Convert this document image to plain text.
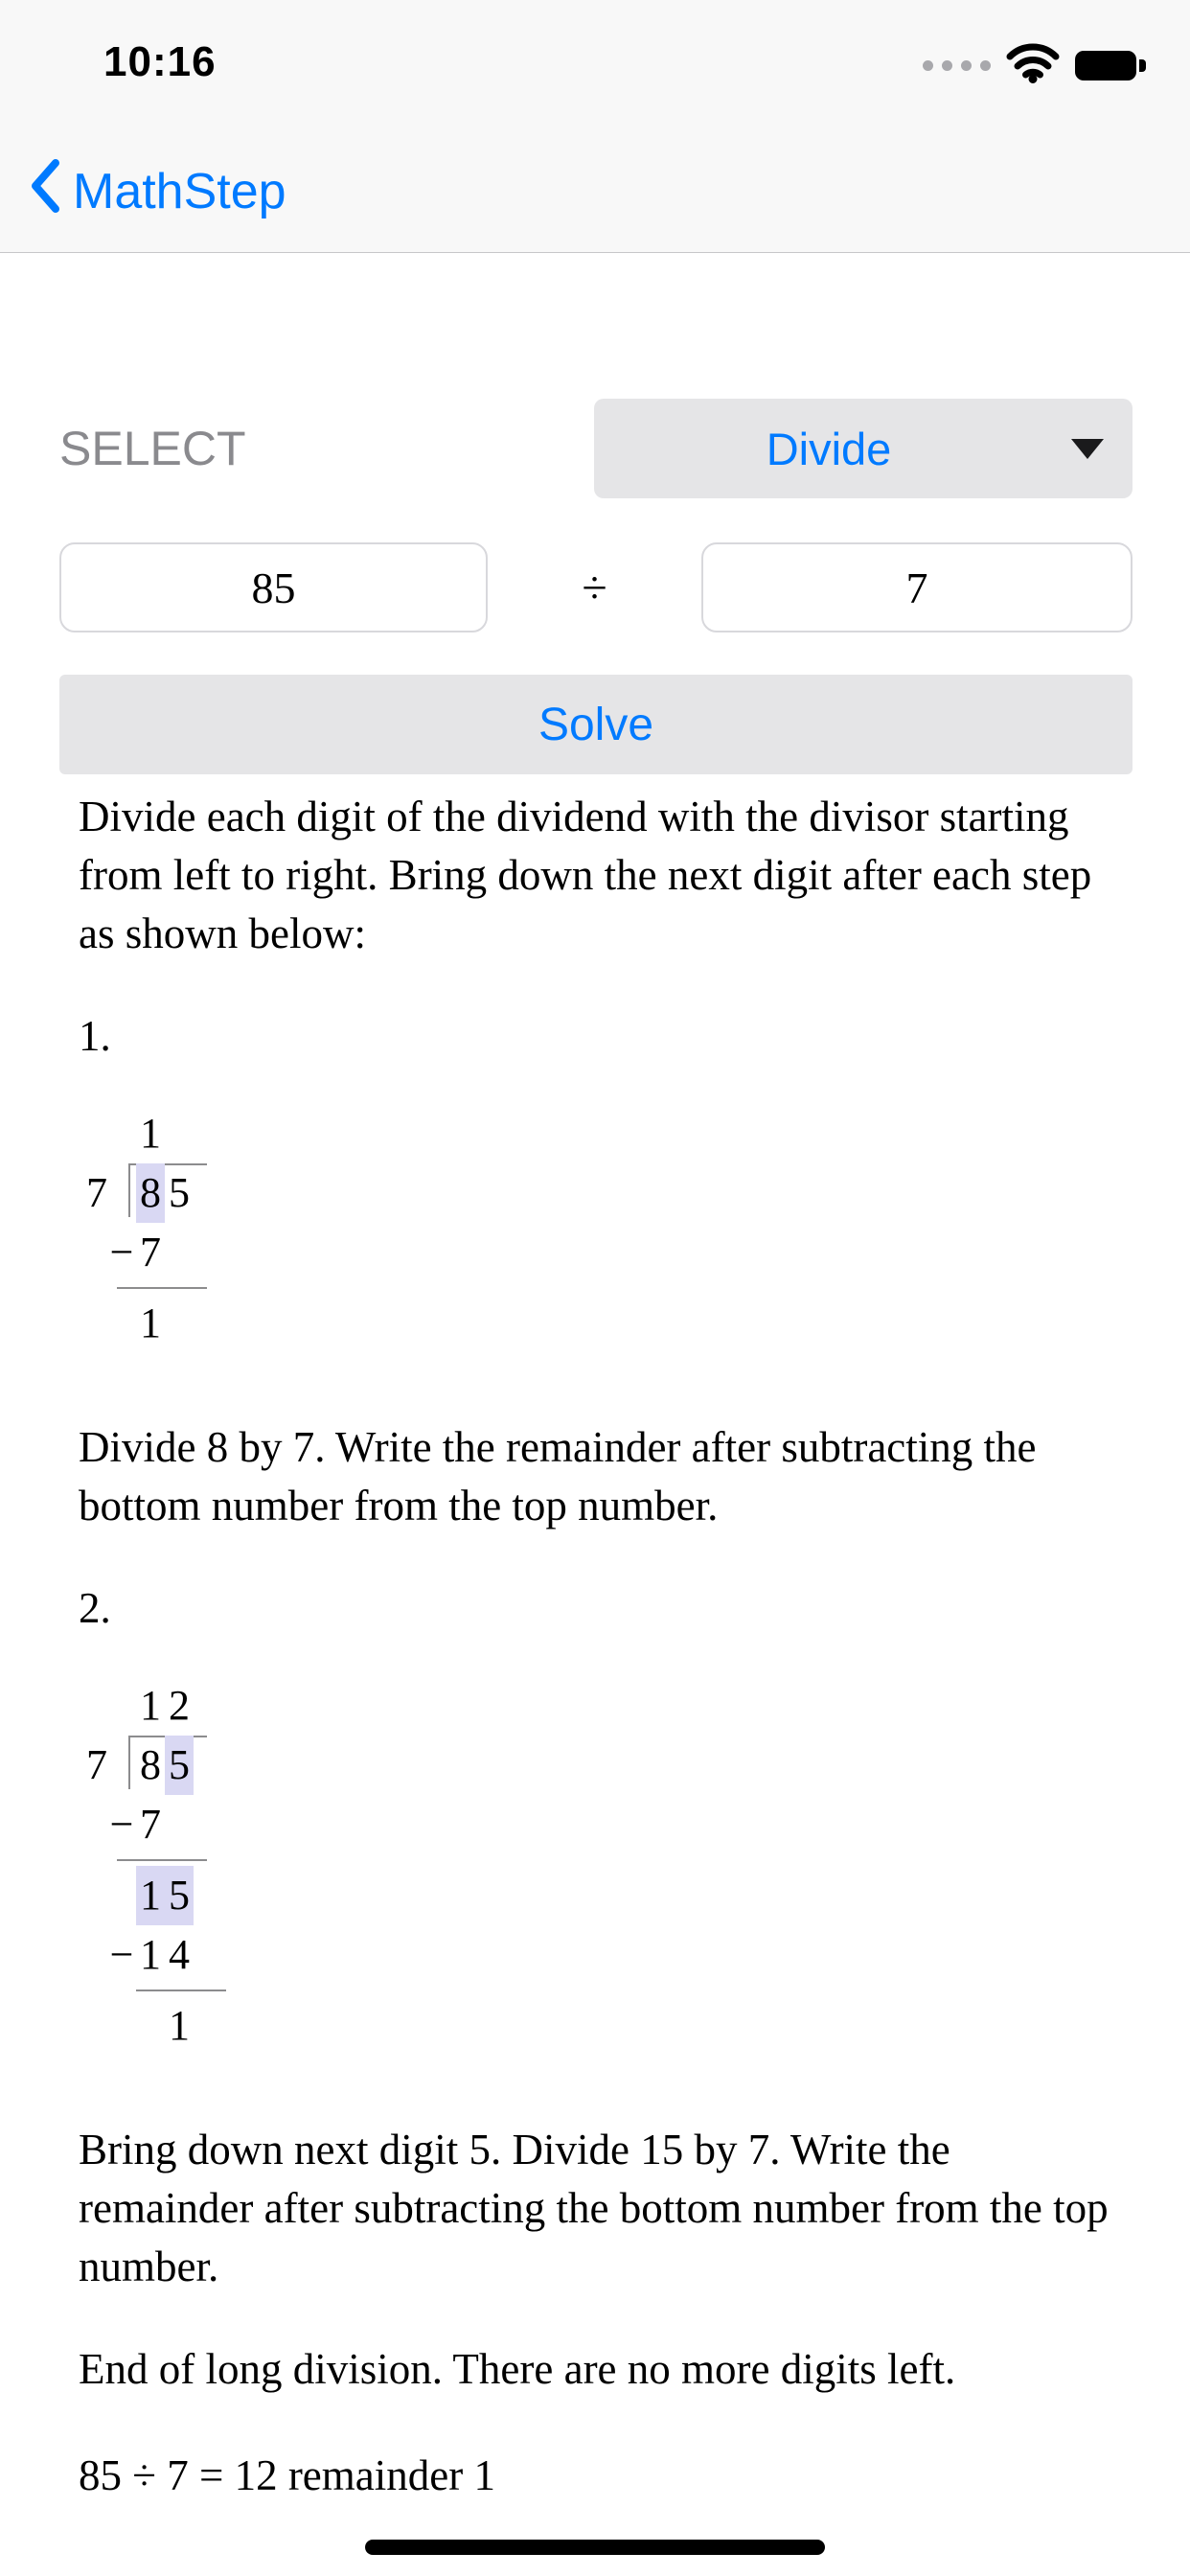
10:16
MathStep
SELECT	Divide
85
÷
7
Solve

Divide each digit of the dividend with the divisor starting from left to right. Bring down the next digit after each step as shown below:

1.
1
7 8 5
− 7
1

Divide 8 by 7. Write the remainder after subtracting the bottom number from the top number.

2.
1 2
7 8 5
− 7
1 5
− 1 4
1

Bring down next digit 5. Divide 15 by 7. Write the remainder after subtracting the bottom number from the top number.

End of long division. There are no more digits left.

85 ÷ 7 = 12 remainder 1
